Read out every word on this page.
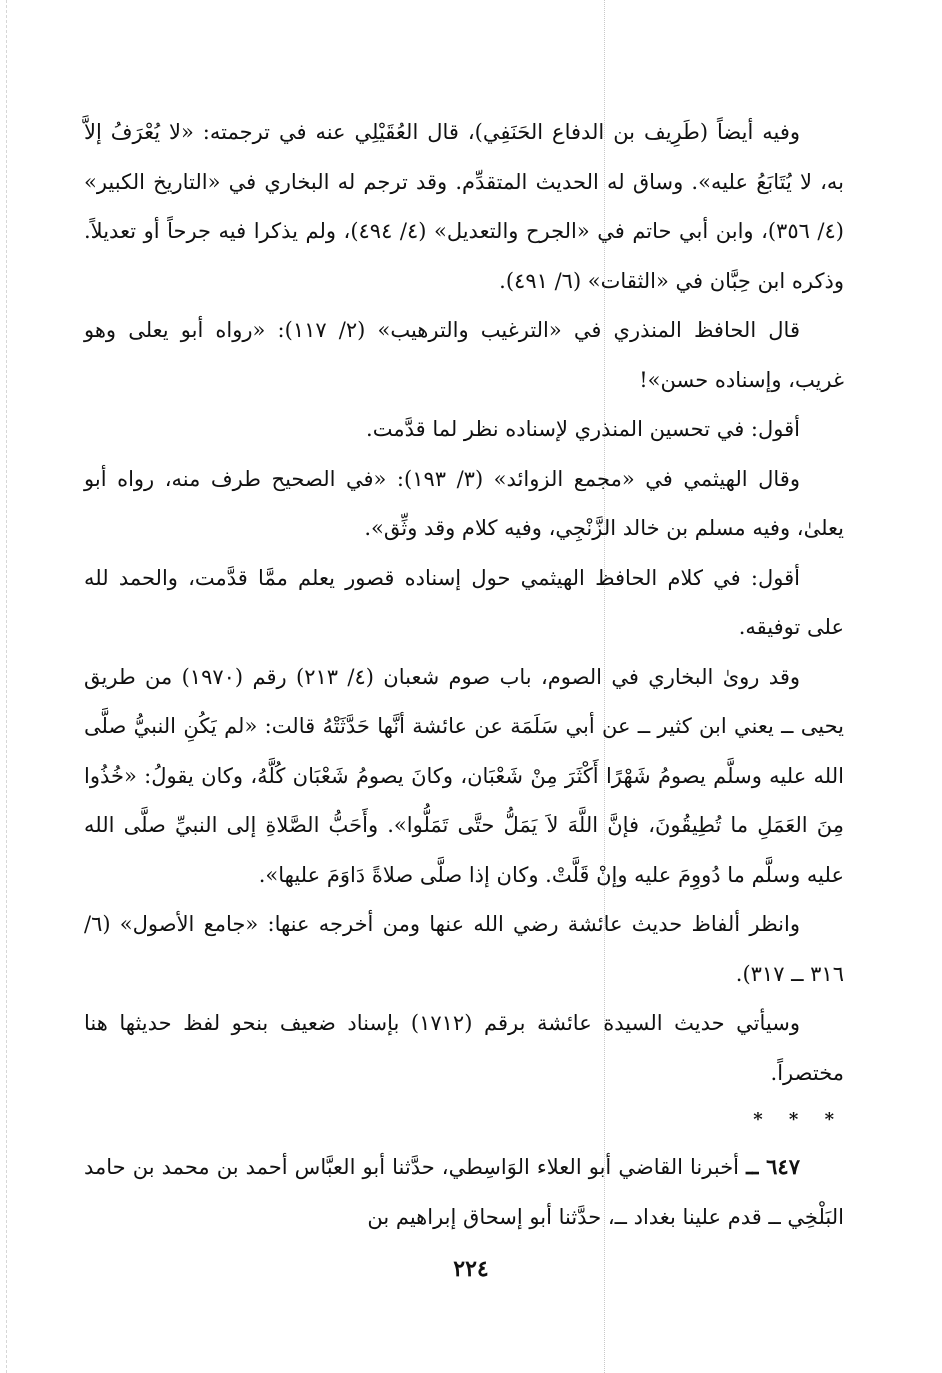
وفيه أيضاً (طَرِيف بن الدفاع الحَنَفِي)، قال العُقَيْلِي عنه في ترجمته: «لا يُعْرَفُ إلاَّ به، لا يُتَابَعُ عليه». وساق له الحديث المتقدِّم. وقد ترجم له البخاري في «التاريخ الكبير» (٤/ ٣٥٦)، وابن أبي حاتم في «الجرح والتعديل» (٤/ ٤٩٤)، ولم يذكرا فيه جرحاً أو تعديلاً. وذكره ابن حِبَّان في «الثقات» (٦/ ٤٩١).

قال الحافظ المنذري في «الترغيب والترهيب» (٢/ ١١٧): «رواه أبو يعلى وهو غريب، وإسناده حسن»!

أقول: في تحسين المنذري لإسناده نظر لما قدَّمت.

وقال الهيثمي في «مجمع الزوائد» (٣/ ١٩٣): «في الصحيح طرف منه، رواه أبو يعلىٰ، وفيه مسلم بن خالد الزَّنْجِي، وفيه كلام وقد وثِّق».

أقول: في كلام الحافظ الهيثمي حول إسناده قصور يعلم ممَّا قدَّمت، والحمد لله على توفيقه.

وقد روىٰ البخاري في الصوم، باب صوم شعبان (٤/ ٢١٣) رقم (١٩٧٠) من طريق يحيى ــ يعني ابن كثير ــ عن أبي سَلَمَة عن عائشة أنَّها حَدَّثَتْهُ قالت: «لم يَكُنِ النبيُّ صلَّى الله عليه وسلَّم يصومُ شَهْرًا أَكْثَرَ مِنْ شَعْبَان، وكانَ يصومُ شَعْبَان كُلَّهُ، وكان يقولُ: «خُذُوا مِنَ العَمَلِ ما تُطِيقُونَ، فإنَّ اللَّهَ لاَ يَمَلُّ حتَّى تَمَلُّوا». وأَحَبُّ الصَّلاةِ إلى النبيِّ صلَّى الله عليه وسلَّم ما دُووِمَ عليه وإنْ قَلَّتْ. وكان إذا صلَّى صلاةً دَاوَمَ عليها».

وانظر ألفاظ حديث عائشة رضي الله عنها ومن أخرجه عنها: «جامع الأصول» (٦/ ٣١٦ ــ ٣١٧).

وسيأتي حديث السيدة عائشة برقم (١٧١٢) بإسناد ضعيف بنحو لفظ حديثها هنا مختصراً.

* * *

٦٤٧ ــ أخبرنا القاضي أبو العلاء الوَاسِطي، حدَّثنا أبو العبَّاس أحمد بن محمد بن حامد البَلْخِي ــ قدم علينا بغداد ــ، حدَّثنا أبو إسحاق إبراهيم بن

٢٢٤
